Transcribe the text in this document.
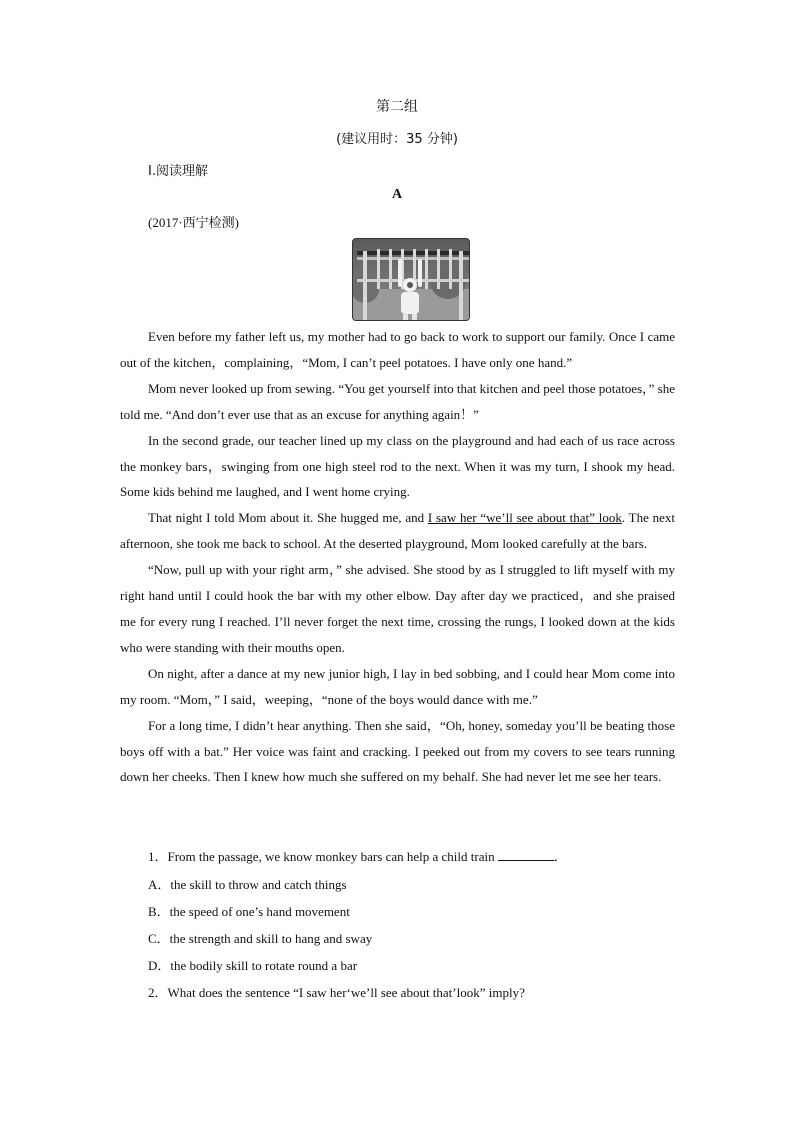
第二组
(建议用时：35 分钟)
Ⅰ.阅读理解
A
(2017·西宁检测)

Even before my father left us, my mother had to go back to work to support our family. Once I came out of the kitchen，complaining，“Mom, I can’t peel potatoes. I have only one hand.”

Mom never looked up from sewing. “You get yourself into that kitchen and peel those potatoes，” she told me. “And don’t ever use that as an excuse for anything again！”

In the second grade, our teacher lined up my class on the playground and had each of us race across the monkey bars，swinging from one high steel rod to the next. When it was my turn, I shook my head. Some kids behind me laughed, and I went home crying.

That night I told Mom about it. She hugged me, and I saw her “we’ll see about that” look. The next afternoon, she took me back to school. At the deserted playground, Mom looked carefully at the bars.

“Now, pull up with your right arm，” she advised. She stood by as I struggled to lift myself with my right hand until I could hook the bar with my other elbow. Day after day we practiced，and she praised me for every rung I reached. I’ll never forget the next time, crossing the rungs, I looked down at the kids who were standing with their mouths open.

On night, after a dance at my new junior high, I lay in bed sobbing, and I could hear Mom come into my room. “Mom，” I said，weeping，“none of the boys would dance with me.”

For a long time, I didn’t hear anything. Then she said，“Oh, honey, someday you’ll be beating those boys off with a bat.” Her voice was faint and cracking. I peeked out from my covers to see tears running down her cheeks. Then I knew how much she suffered on my behalf. She had never let me see her tears.

1．From the passage, we know monkey bars can help a child train	．
A．the skill to throw and catch things
B．the speed of one’s hand movement
C．the strength and skill to hang and sway
D．the bodily skill to rotate round a bar
2．What does the sentence “I saw her‘we’ll see about that’look” imply?
